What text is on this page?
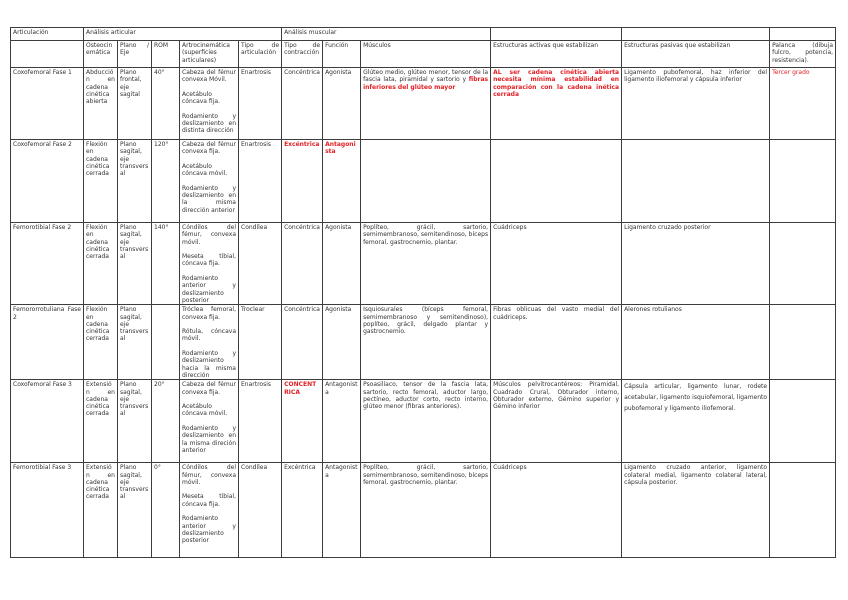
Articulación	Análisis articular					Análisis muscular					
	Osteocinemática	Plano / Eje	ROM	Artrocinemática (superficies articulares)	Tipo de articulación	Tipo de contracción	Función	Músculos	Estructuras activas que estabilizan	Estructuras pasivas que estabilizan	Palanca (dibuja fulcro, potencia, resistencia).
Coxofemoral Fase 1	Abducción en cadena cinética abierta	Plano frontal, eje sagital	40°	Cabeza del fémur convexa Móvil.

Acetábulo cóncava fija.

Rodamiento y deslizamiento en distinta dirección	Enartrosis	Concéntrica	Agonista	Glúteo medio, glúteo menor, tensor de la fascia lata, piramidal y sartorio y fibras inferiores del glúteo mayor	AL ser cadena cinética abierta necesita mínima estabilidad en comparación con la cadena inética cerrada	Ligamento pubofemoral, haz inferior del ligamento iliofemoral y cápsula inferior	Tercer grado
Coxofemoral Fase 2	Flexión en cadena cinética cerrada	Plano sagital, eje transversal	120°	Cabeza del fémur convexa fija.

Acetábulo cóncava móvil.

Rodamiento y deslizamiento en la misma dirección anterior	Enartrosis	Excéntrica	Antagonista				
Femorotibial Fase 2	Flexión en cadena cinética cerrada	Plano sagital, eje transversal	140°	Cóndilos del fémur, convexa móvil.

Meseta tibial, cóncava fija.

Rodamiento anterior y deslizamiento posterior	Condílea	Concéntrica	Agonista	Poplíteo, grácil, sartorio, semimembranoso, semitendinoso, bíceps femoral, gastrocnemio, plantar.	Cuádriceps	Ligamento cruzado posterior	
Femororrotuliana Fase 2	Flexión en cadena cinética cerrada	Plano sagital, eje transversal		Tróclea femoral, convexa fija.

Rótula, cóncava móvil.

Rodamiento y deslizamiento hacia la misma dirección	Troclear	Concéntrica	Agonista	Isquiosurales (bíceps femoral, semimembranoso y semitendinoso), poplíteo, grácil, delgado plantar y gastrocnemio.	Fibras oblicuas del vasto medial del cuádriceps.	Alerones rotulianos	
Coxofemoral Fase 3	Extensión en cadena cinética cerrada	Plano sagital, eje transversal	20°	Cabeza del fémur convexa fija.

Acetábulo cóncava móvil.

Rodamiento y deslizamiento en la misma direción anterior	Enartrosis	CONCENTRICA	Antagonista	Psoasilíaco, tensor de la fascia lata, sartorio, recto femoral, aductor largo, pectíneo, aductor corto, recto interno, glúteo menor (fibras anteriores).	Músculos pelvitrocantéreos: Piramidal, Cuadrado Crural, Obturador interno, Obturador externo, Gémino superior y Gémino inferior	Cápsula articular, ligamento lunar, rodete acetabular, ligamento isquiofemoral, ligamento pubofemoral y ligamento iliofemoral.	
Femorotibial Fase 3	Extensión en cadena cinética cerrada	Plano sagital, eje transversal	0°	Cóndilos del fémur, convexa móvil.

Meseta tibial, cóncava fija.

Rodamiento anterior y deslizamiento posterior	Condílea	Excéntrica	Antagonista	Poplíteo, grácil, sartorio, semimembranoso, semitendinoso, bíceps femoral, gastrocnemio, plantar.	Cuádriceps	Ligamento cruzado anterior, ligamento colateral medial, ligamento colateral lateral, cápsula posterior.	
